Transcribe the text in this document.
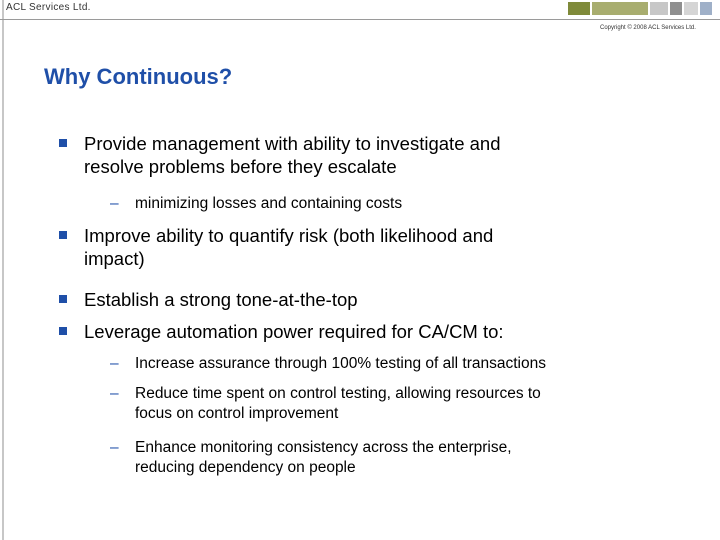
ACL Services Ltd.
Copyright © 2008 ACL Services Ltd.
Why Continuous?
Provide management with ability to investigate and
resolve problems before they escalate
– minimizing losses and containing costs
Improve ability to quantify risk (both likelihood and
impact)
Establish a strong tone-at-the-top
Leverage automation power required for CA/CM to:
– Increase assurance through 100% testing of all transactions
– Reduce time spent on control testing, allowing resources to
focus on control improvement
– Enhance monitoring consistency across the enterprise,
reducing dependency on people
